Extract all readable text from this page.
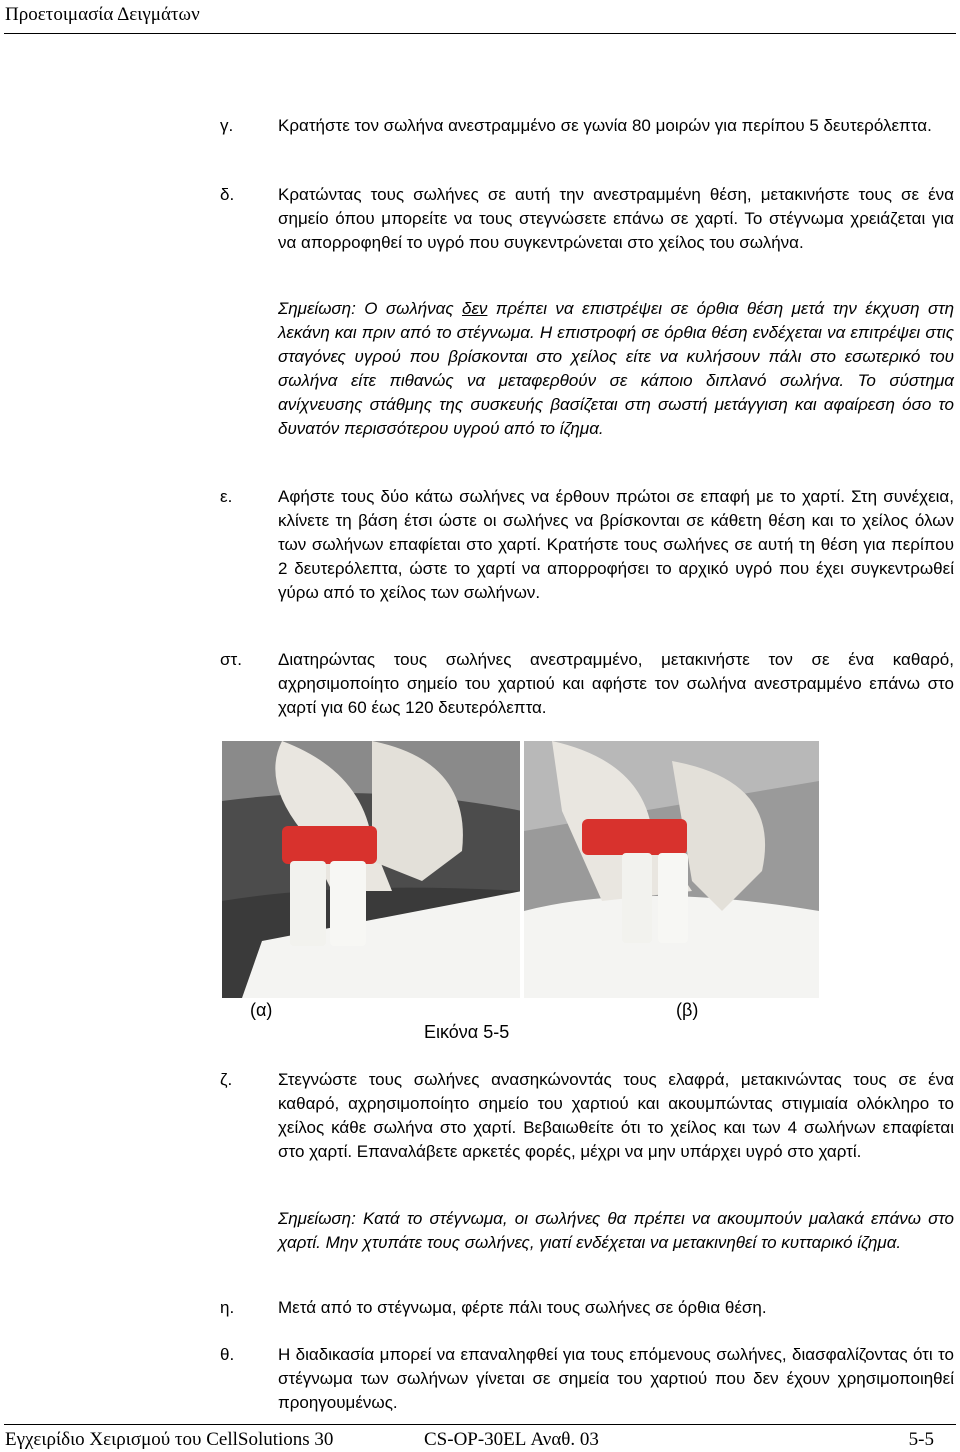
Προετοιμασία Δειγμάτων
γ.	Κρατήστε τον σωλήνα ανεστραμμένο σε γωνία 80 μοιρών για περίπου 5 δευτερόλεπτα.
δ.	Κρατώντας τους σωλήνες σε αυτή την ανεστραμμένη θέση, μετακινήστε τους σε ένα σημείο όπου μπορείτε να τους στεγνώσετε επάνω σε χαρτί. Το στέγνωμα χρειάζεται για να απορροφηθεί το υγρό που συγκεντρώνεται στο χείλος του σωλήνα.
Σημείωση: Ο σωλήνας δεν πρέπει να επιστρέψει σε όρθια θέση μετά την έκχυση στη λεκάνη και πριν από το στέγνωμα. Η επιστροφή σε όρθια θέση ενδέχεται να επιτρέψει στις σταγόνες υγρού που βρίσκονται στο χείλος είτε να κυλήσουν πάλι στο εσωτερικό του σωλήνα είτε πιθανώς να μεταφερθούν σε κάποιο διπλανό σωλήνα. Το σύστημα ανίχνευσης στάθμης της συσκευής βασίζεται στη σωστή μετάγγιση και αφαίρεση όσο το δυνατόν περισσότερου υγρού από το ίζημα.
ε.	Αφήστε τους δύο κάτω σωλήνες να έρθουν πρώτοι σε επαφή με το χαρτί. Στη συνέχεια, κλίνετε τη βάση έτσι ώστε οι σωλήνες να βρίσκονται σε κάθετη θέση και το χείλος όλων των σωλήνων επαφίεται στο χαρτί. Κρατήστε τους σωλήνες σε αυτή τη θέση για περίπου 2 δευτερόλεπτα, ώστε το χαρτί να απορροφήσει το αρχικό υγρό που έχει συγκεντρωθεί γύρω από το χείλος των σωλήνων.
στ. Διατηρώντας τους σωλήνες ανεστραμμένο, μετακινήστε τον σε ένα καθαρό, αχρησιμοποίητο σημείο του χαρτιού και αφήστε τον σωλήνα ανεστραμμένο επάνω στο χαρτί για 60 έως 120 δευτερόλεπτα.
(α)	(β)
Εικόνα 5-5
ζ.	Στεγνώστε τους σωλήνες ανασηκώνοντάς τους ελαφρά, μετακινώντας τους σε ένα καθαρό, αχρησιμοποίητο σημείο του χαρτιού και ακουμπώντας στιγμιαία ολόκληρο το χείλος κάθε σωλήνα στο χαρτί. Βεβαιωθείτε ότι το χείλος και των 4 σωλήνων επαφίεται στο χαρτί. Επαναλάβετε αρκετές φορές, μέχρι να μην υπάρχει υγρό στο χαρτί.
Σημείωση: Κατά το στέγνωμα, οι σωλήνες θα πρέπει να ακουμπούν μαλακά επάνω στο χαρτί. Μην χτυπάτε τους σωλήνες, γιατί ενδέχεται να μετακινηθεί το κυτταρικό ίζημα.
η.	Μετά από το στέγνωμα, φέρτε πάλι τους σωλήνες σε όρθια θέση.
θ.	Η διαδικασία μπορεί να επαναληφθεί για τους επόμενους σωλήνες, διασφαλίζοντας ότι το στέγνωμα των σωλήνων γίνεται σε σημεία του χαρτιού που δεν έχουν χρησιμοποιηθεί προηγουμένως.
Εγχειρίδιο Χειρισμού του CellSolutions 30	CS-OP-30EL Αναθ. 03	5-5
